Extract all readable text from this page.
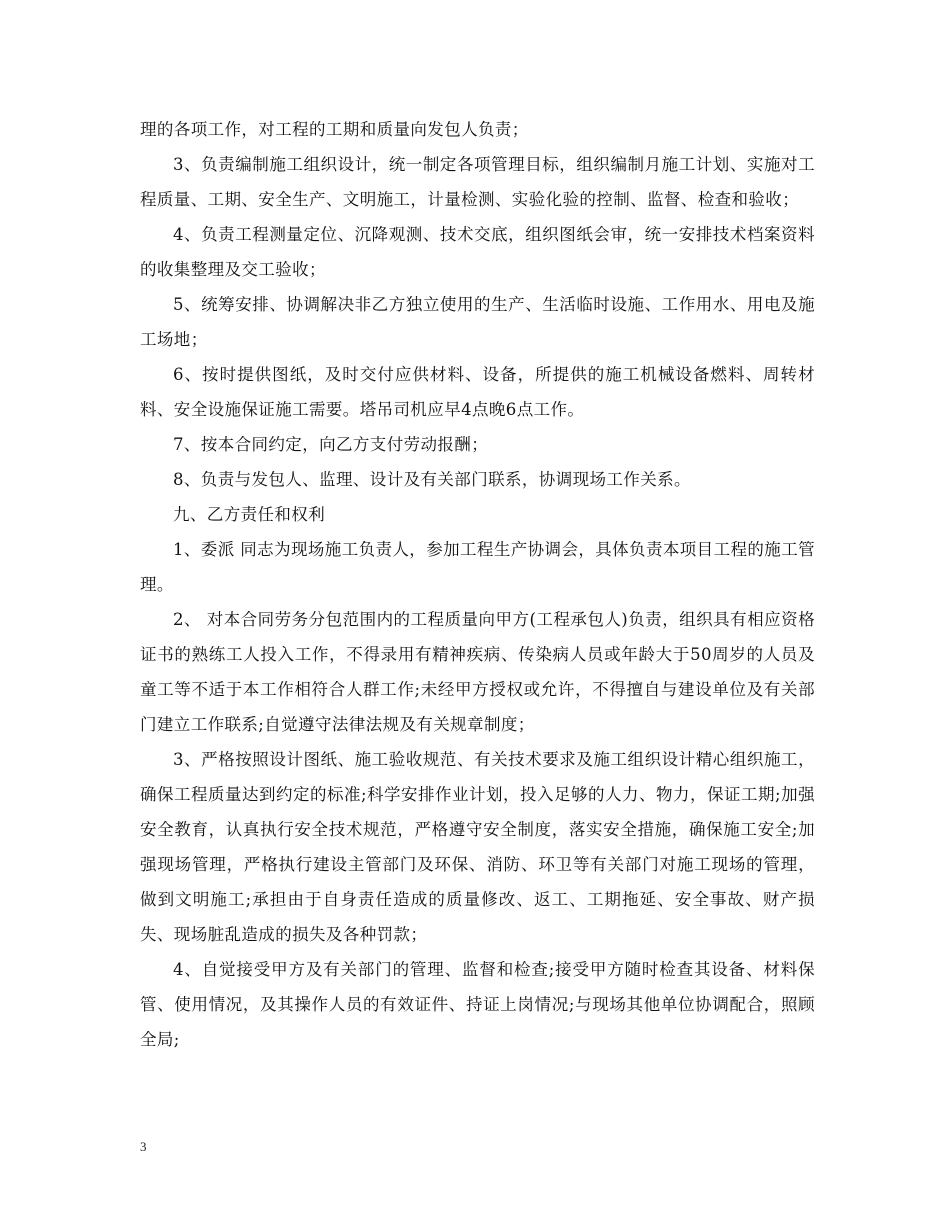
理的各项工作，对工程的工期和质量向发包人负责；

3、负责编制施工组织设计，统一制定各项管理目标，组织编制月施工计划、实施对工程质量、工期、安全生产、文明施工，计量检测、实验化验的控制、监督、检查和验收；

4、负责工程测量定位、沉降观测、技术交底，组织图纸会审，统一安排技术档案资料的收集整理及交工验收；

5、统筹安排、协调解决非乙方独立使用的生产、生活临时设施、工作用水、用电及施工场地；

6、按时提供图纸，及时交付应供材料、设备，所提供的施工机械设备燃料、周转材料、安全设施保证施工需要。塔吊司机应早4点晚6点工作。

7、按本合同约定，向乙方支付劳动报酬；

8、负责与发包人、监理、设计及有关部门联系，协调现场工作关系。

九、乙方责任和权利

1、委派 同志为现场施工负责人，参加工程生产协调会，具体负责本项目工程的施工管理。

2、 对本合同劳务分包范围内的工程质量向甲方(工程承包人)负责，组织具有相应资格证书的熟练工人投入工作，不得录用有精神疾病、传染病人员或年龄大于50周岁的人员及童工等不适于本工作相符合人群工作;未经甲方授权或允许，不得擅自与建设单位及有关部门建立工作联系;自觉遵守法律法规及有关规章制度；

3、严格按照设计图纸、施工验收规范、有关技术要求及施工组织设计精心组织施工，确保工程质量达到约定的标准;科学安排作业计划，投入足够的人力、物力，保证工期;加强安全教育，认真执行安全技术规范，严格遵守安全制度，落实安全措施，确保施工安全;加强现场管理，严格执行建设主管部门及环保、消防、环卫等有关部门对施工现场的管理，做到文明施工;承担由于自身责任造成的质量修改、返工、工期拖延、安全事故、财产损失、现场脏乱造成的损失及各种罚款；

4、自觉接受甲方及有关部门的管理、监督和检查;接受甲方随时检查其设备、材料保管、使用情况，及其操作人员的有效证件、持证上岗情况;与现场其他单位协调配合，照顾全局;

3
